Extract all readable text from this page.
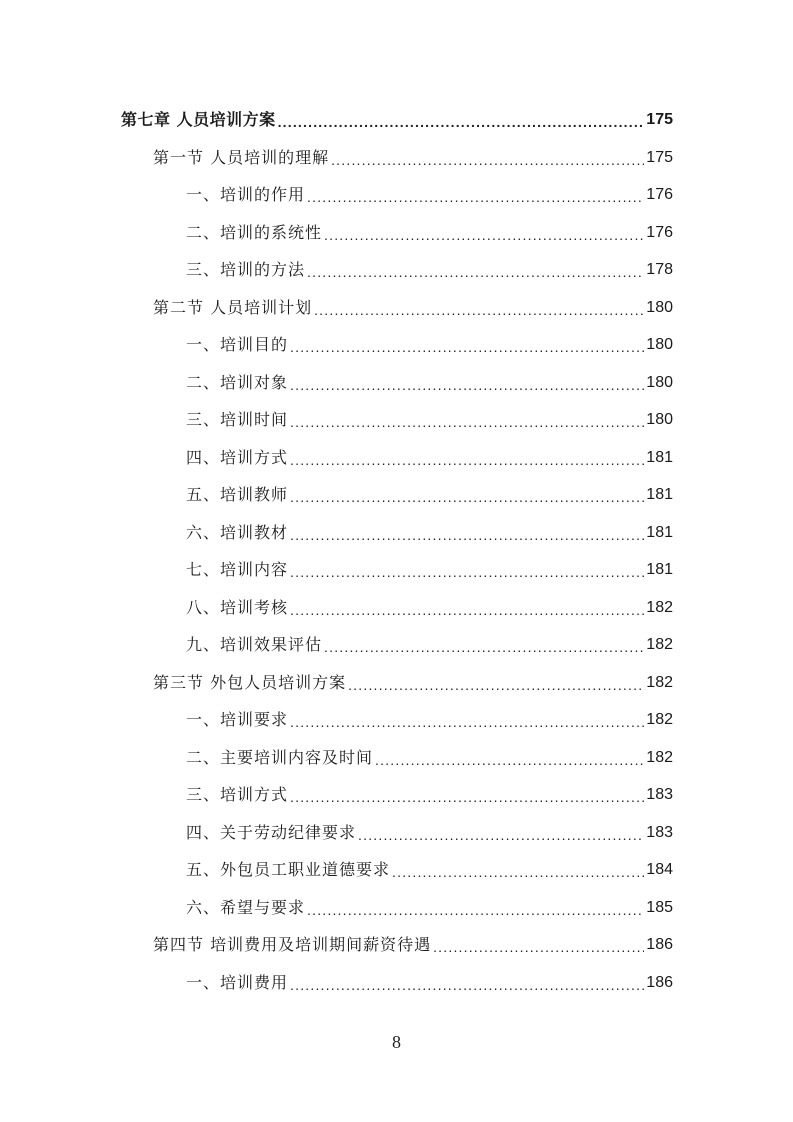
第七章 人员培训方案 .....	175
第一节 人员培训的理解 .....	175
一、培训的作用 .....	176
二、培训的系统性 .....	176
三、培训的方法 .....	178
第二节 人员培训计划 .....	180
一、培训目的 .....	180
二、培训对象 .....	180
三、培训时间 .....	180
四、培训方式 .....	181
五、培训教师 .....	181
六、培训教材 .....	181
七、培训内容 .....	181
八、培训考核 .....	182
九、培训效果评估 .....	182
第三节 外包人员培训方案 .....	182
一、培训要求 .....	182
二、主要培训内容及时间 .....	182
三、培训方式 .....	183
四、关于劳动纪律要求 .....	183
五、外包员工职业道德要求 .....	184
六、希望与要求 .....	185
第四节 培训费用及培训期间薪资待遇 .....	186
一、培训费用 .....	186
8
